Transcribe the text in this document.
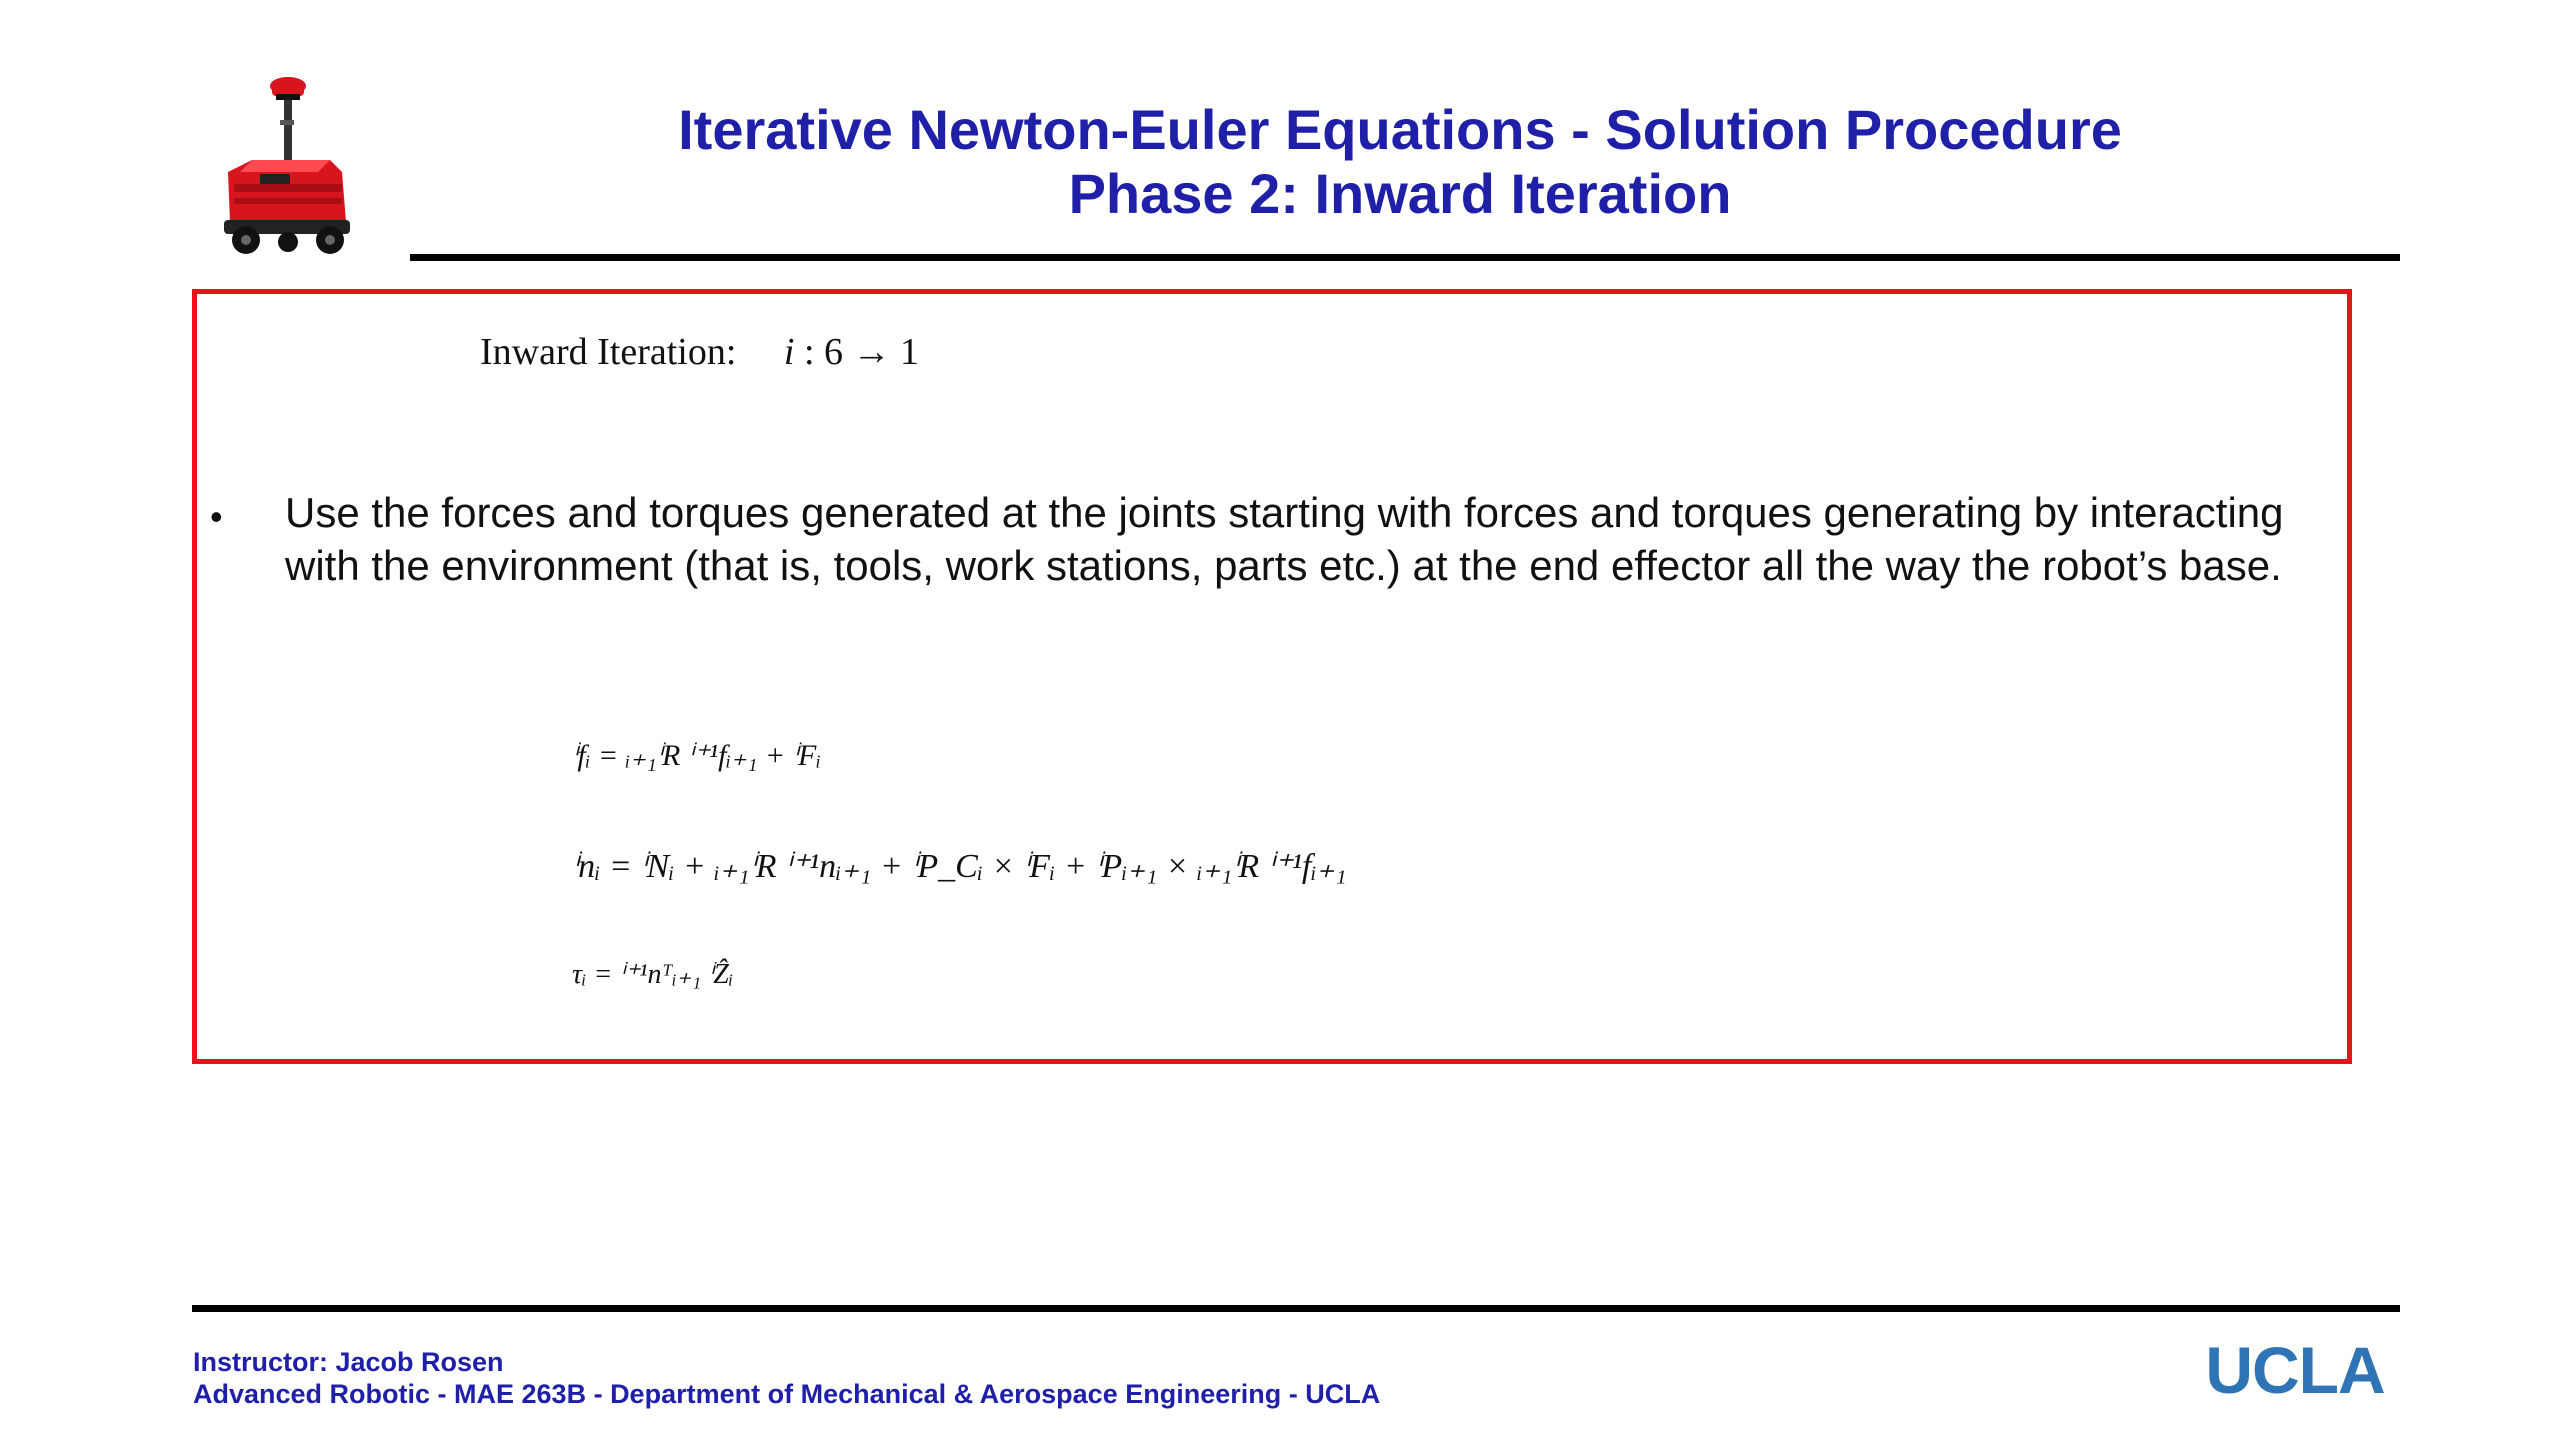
Iterative Newton-Euler Equations - Solution Procedure
Phase 2: Inward Iteration
Inward Iteration: i : 6 → 1
• Use the forces and torques generated at the joints starting with forces and torques generating by interacting with the environment (that is, tools, work stations, parts etc.) at the end effector all the way the robot’s base.
ⁱfᵢ = ᵢ₊₁ⁱR ⁱ⁺¹fᵢ₊₁ + ⁱFᵢ
ⁱnᵢ = ⁱNᵢ + ᵢ₊₁ⁱR ⁱ⁺¹nᵢ₊₁ + ⁱP_Cᵢ × ⁱFᵢ + ⁱPᵢ₊₁ × ᵢ₊₁ⁱR ⁱ⁺¹fᵢ₊₁
τᵢ = ⁱ⁺¹nᵀᵢ₊₁ ⁱẐᵢ
Instructor: Jacob Rosen
Advanced Robotic - MAE 263B - Department of Mechanical & Aerospace Engineering - UCLA	UCLA
